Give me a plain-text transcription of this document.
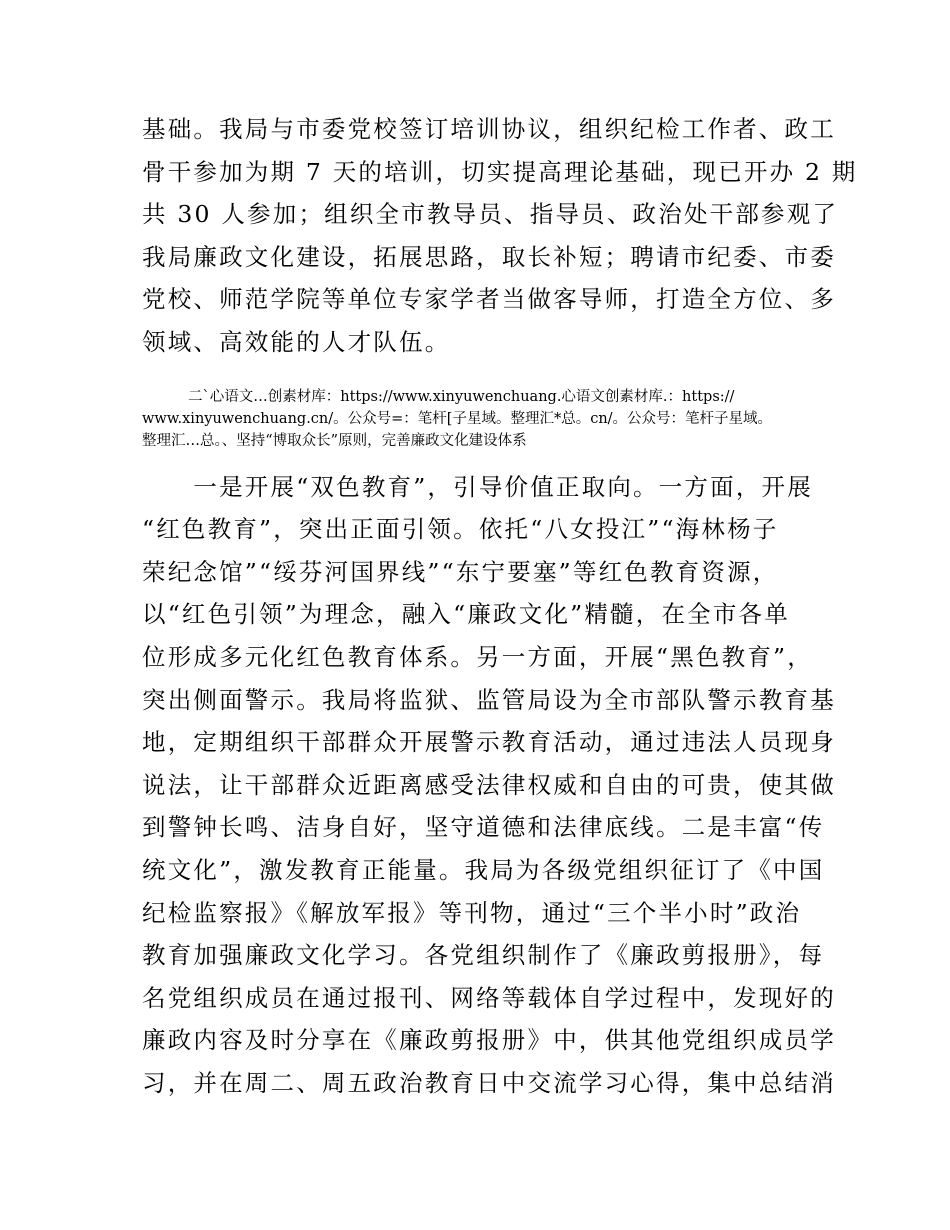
基础。我局与市委党校签订培训协议，组织纪检工作者、政工
骨干参加为期 7 天的培训，切实提高理论基础，现已开办 2 期
共 30 人参加；组织全市教导员、指导员、政治处干部参观了
我局廉政文化建设，拓展思路，取长补短；聘请市纪委、市委
党校、师范学院等单位专家学者当做客导师，打造全方位、多
领域、高效能的人才队伍。
二`心语文…创素材库：https://www.xinyuwenchuang.心语文创素材库.：https://
www.xinyuwenchuang.cn/。公众号=：笔杆[子星域。整理汇*总。cn/。公众号：笔杆子星域。
整理汇…总。、坚持“博取众长”原则，完善廉政文化建设体系
　　一是开展“双色教育”，引导价值正取向。一方面，开展
“红色教育”，突出正面引领。依托“八女投江”“海林杨子
荣纪念馆”“绥芬河国界线”“东宁要塞”等红色教育资源，
以“红色引领”为理念，融入“廉政文化”精髓，在全市各单
位形成多元化红色教育体系。另一方面，开展“黑色教育”，
突出侧面警示。我局将监狱、监管局设为全市部队警示教育基
地，定期组织干部群众开展警示教育活动，通过违法人员现身
说法，让干部群众近距离感受法律权威和自由的可贵，使其做
到警钟长鸣、洁身自好，坚守道德和法律底线。二是丰富“传
统文化”，激发教育正能量。我局为各级党组织征订了《中国
纪检监察报》《解放军报》等刊物，通过“三个半小时”政治
教育加强廉政文化学习。各党组织制作了《廉政剪报册》，每
名党组织成员在通过报刊、网络等载体自学过程中，发现好的
廉政内容及时分享在《廉政剪报册》中，供其他党组织成员学
习，并在周二、周五政治教育日中交流学习心得，集中总结消
